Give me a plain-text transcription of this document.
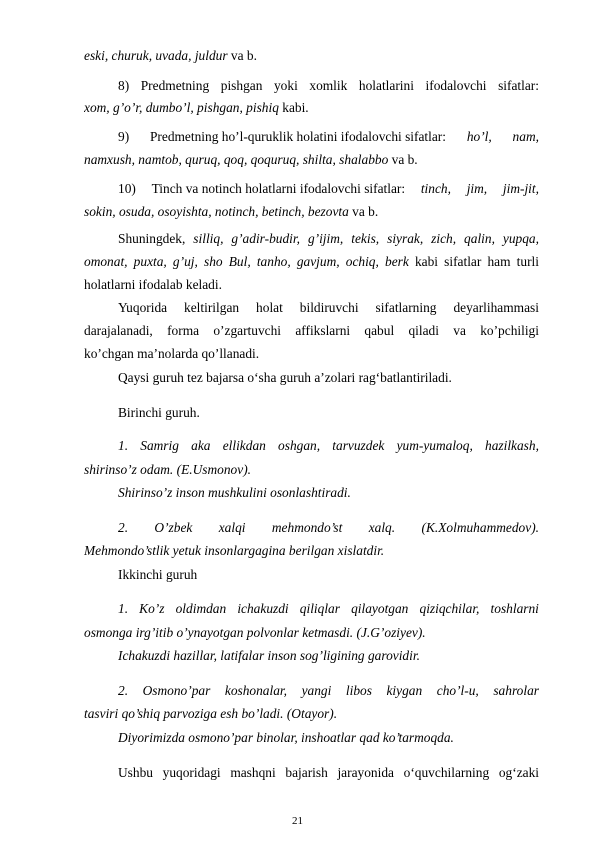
eski, churuk, uvada, juldur va b.
8) Predmetning pishgan yoki xomlik holatlarini ifodalovchi sifatlar:
xom, g’o’r, dumbo’l, pishgan, pishiq kabi.
9) Predmetning ho’l-quruklik holatini ifodalovchi sifatlar: ho’l, nam,
namxush, namtob, quruq, qoq, qoquruq, shilta, shalabbo va b.
10) Tinch va notinch holatlarni ifodalovchi sifatlar: tinch, jim, jim-jit,
sokin, osuda, osoyishta, notinch, betinch, bezovta va b.
Shuningdek, silliq, g’adir-budir, g’ijim, tekis, siyrak, zich, qalin, yupqa,
omonat, puxta, g’uj, sho Bul, tanho, gavjum, ochiq, berk kabi sifatlar ham turli
holatlarni ifodalab keladi.
Yuqorida keltirilgan holat bildiruvchi sifatlarning deyarlihammasi
darajalanadi, forma o’zgartuvchi affikslarni qabul qiladi va ko’pchiligi
ko’chgan ma’nolarda qo’llanadi.
Qaysi guruh tez bajarsa o‘sha guruh a’zolari rag‘batlantiriladi.
Birinchi guruh.
1. Samrig aka ellikdan oshgan, tarvuzdek yum-yumaloq, hazilkash,
shirinso’z odam. (E.Usmonov).
Shirinso’z inson mushkulini osonlashtiradi.
2. O’zbek xalqi mehmondo’st xalq. (K.Xolmuhammedov).
Mehmondo’stlik yetuk insonlargagina berilgan xislatdir.
Ikkinchi guruh
1. Ko’z oldimdan ichakuzdi qiliqlar qilayotgan qiziqchilar, toshlarni
osmonga irg’itib o’ynayotgan polvonlar ketmasdi. (J.G’oziyev).
Ichakuzdi hazillar, latifalar inson sog’ligining garovidir.
2. Osmono’par koshonalar, yangi libos kiygan cho’l-u, sahrolar
tasviri qo’shiq parvoziga esh bo’ladi. (Otayor).
Diyorimizda osmono’par binolar, inshoatlar qad ko’tarmoqda.
Ushbu yuqoridagi mashqni bajarish jarayonida o‘quvchilarning og‘zaki
21
